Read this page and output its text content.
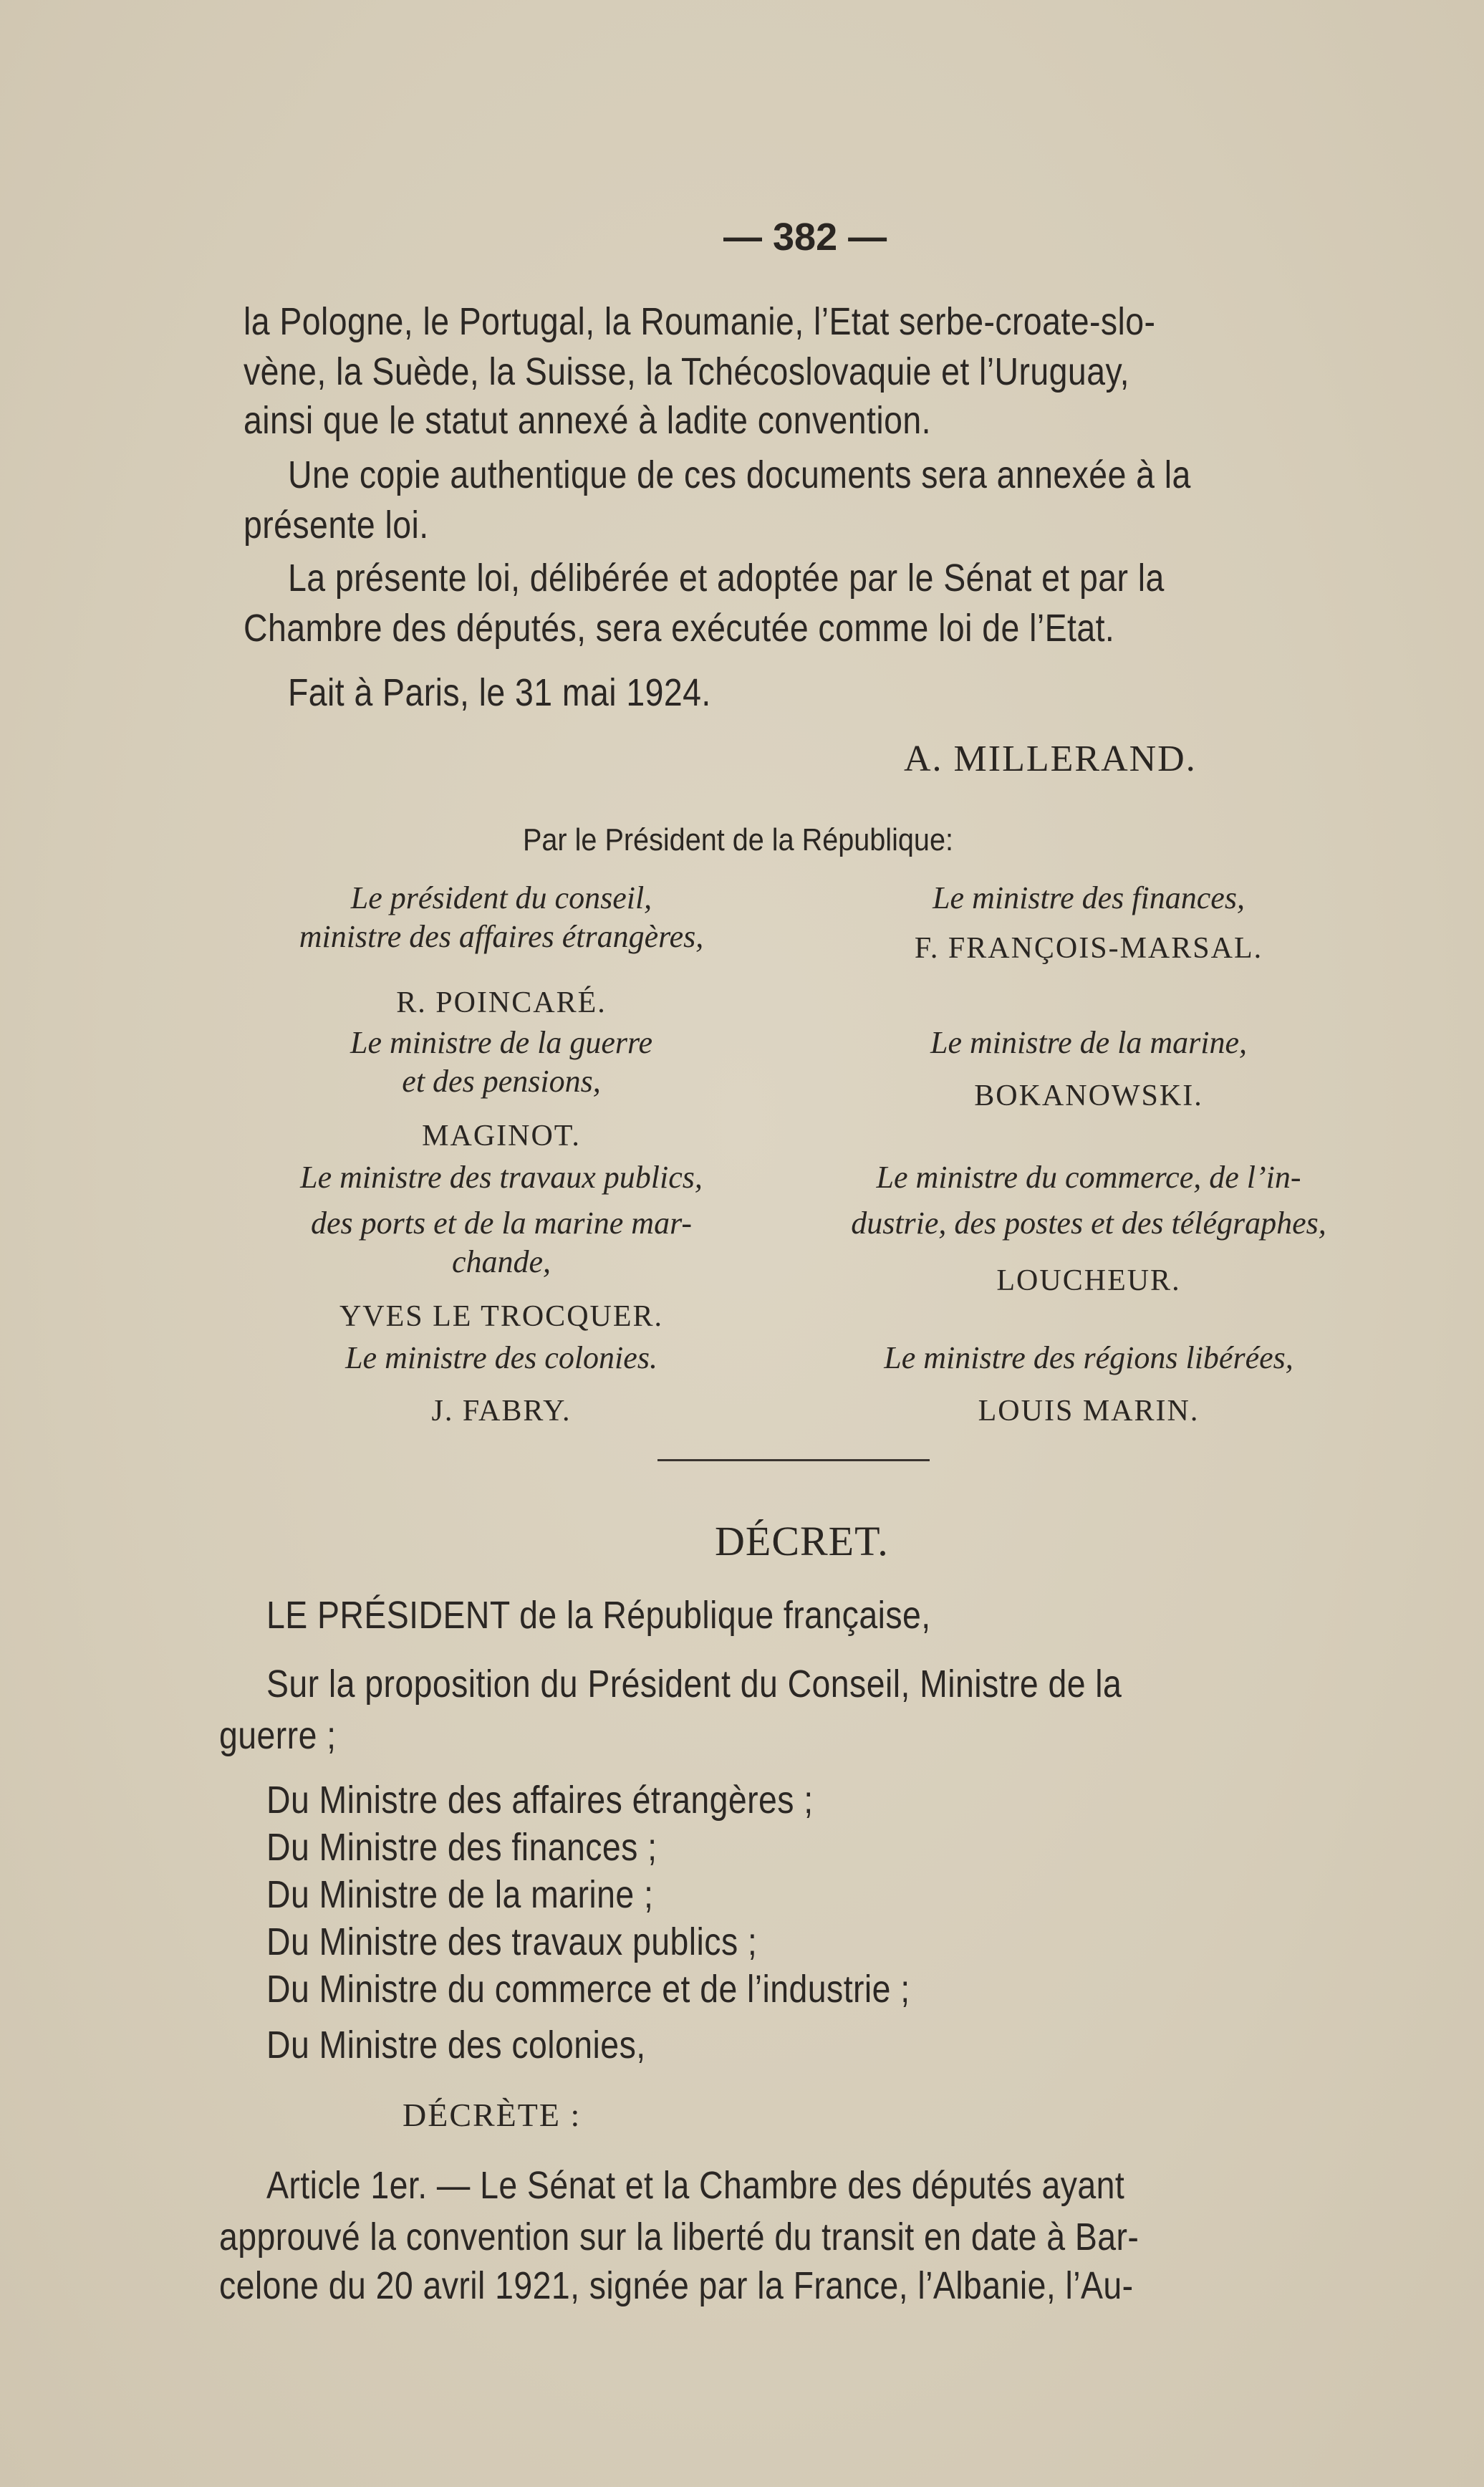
— 382 —
la Pologne, le Portugal, la Roumanie, l’Etat serbe-croate-slo-
vène, la Suède, la Suisse, la Tchécoslovaquie et l’Uruguay,
ainsi que le statut annexé à ladite convention.
Une copie authentique de ces documents sera annexée à la
présente loi.
La présente loi, délibérée et adoptée par le Sénat et par la
Chambre des députés, sera exécutée comme loi de l’Etat.
Fait à Paris, le 31 mai 1924.
A. MILLERAND.
Par le Président de la République:
Le président du conseil,
ministre des affaires étrangères,
R. POINCARÉ.
Le ministre de la guerre
et des pensions,
MAGINOT.
Le ministre des travaux publics,
des ports et de la marine mar-
chande,
YVES LE TROCQUER.
Le ministre des colonies.
J. FABRY.
Le ministre des finances,
F. FRANÇOIS-MARSAL.
Le ministre de la marine,
BOKANOWSKI.
Le ministre du commerce, de l’in-
dustrie, des postes et des télégraphes,
LOUCHEUR.
Le ministre des régions libérées,
LOUIS MARIN.
DÉCRET.
LE PRÉSIDENT de la République française,
Sur la proposition du Président du Conseil, Ministre de la
guerre ;
Du Ministre des affaires étrangères ;
Du Ministre des finances ;
Du Ministre de la marine ;
Du Ministre des travaux publics ;
Du Ministre du commerce et de l’industrie ;
Du Ministre des colonies,
DÉCRÈTE :
Article 1er. — Le Sénat et la Chambre des députés ayant
approuvé la convention sur la liberté du transit en date à Bar-
celone du 20 avril 1921, signée par la France, l’Albanie, l’Au-
